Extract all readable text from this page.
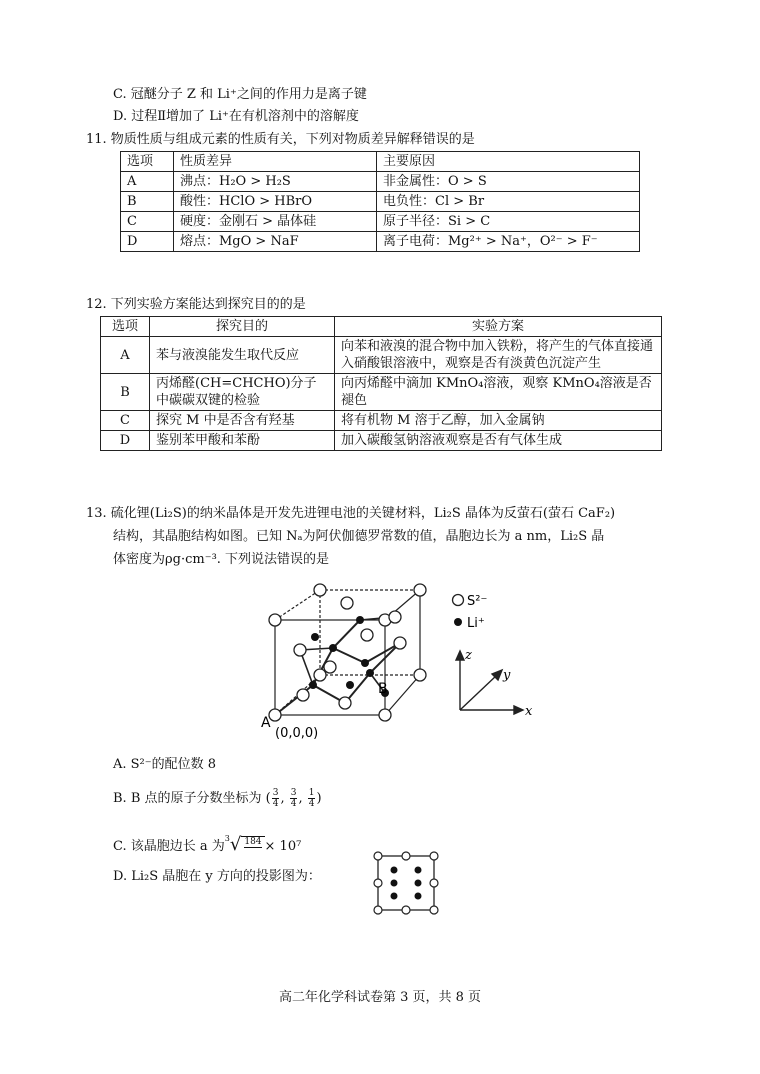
C. 冠醚分子 Z 和 Li⁺之间的作用力是离子键
D. 过程Ⅱ增加了 Li⁺在有机溶剂中的溶解度
11. 物质性质与组成元素的性质有关，下列对物质差异解释错误的是
选项	性质差异	主要原因
A	沸点：H₂O > H₂S	非金属性：O > S
B	酸性：HClO > HBrO	电负性：Cl > Br
C	硬度：金刚石 > 晶体硅	原子半径：Si > C
D	熔点：MgO > NaF	离子电荷：Mg²⁺ > Na⁺，O²⁻ > F⁻
12. 下列实验方案能达到探究目的的是
选项	探究目的	实验方案
A	苯与液溴能发生取代反应	向苯和液溴的混合物中加入铁粉，将产生的气体直接通入硝酸银溶液中，观察是否有淡黄色沉淀产生
B	丙烯醛(CH=CHCHO)分子中碳碳双键的检验	向丙烯醛中滴加 KMnO₄溶液，观察 KMnO₄溶液是否褪色
C	探究 M 中是否含有羟基	将有机物 M 溶于乙醇，加入金属钠
D	鉴别苯甲酸和苯酚	加入碳酸氢钠溶液观察是否有气体生成
13. 硫化锂(Li₂S)的纳米晶体是开发先进锂电池的关键材料，Li₂S 晶体为反萤石(萤石 CaF₂)
结构，其晶胞结构如图。已知 Nₐ为阿伏伽德罗常数的值，晶胞边长为 a nm，Li₂S 晶
体密度为ρg·cm⁻³. 下列说法错误的是
A
B
(0,0,0)
S²⁻
Li⁺
z
y
x
A. S²⁻的配位数 8
B. B 点的原子分数坐标为 ( $\frac{3}{4}$ , $\frac{3}{4}$ , $\frac{1}{4}$ )
C. 该晶胞边长 a 为$^3$√ 184
× 10⁷
D. Li₂S 晶胞在 y 方向的投影图为：
高二年化学科试卷第 3 页，共 8 页
